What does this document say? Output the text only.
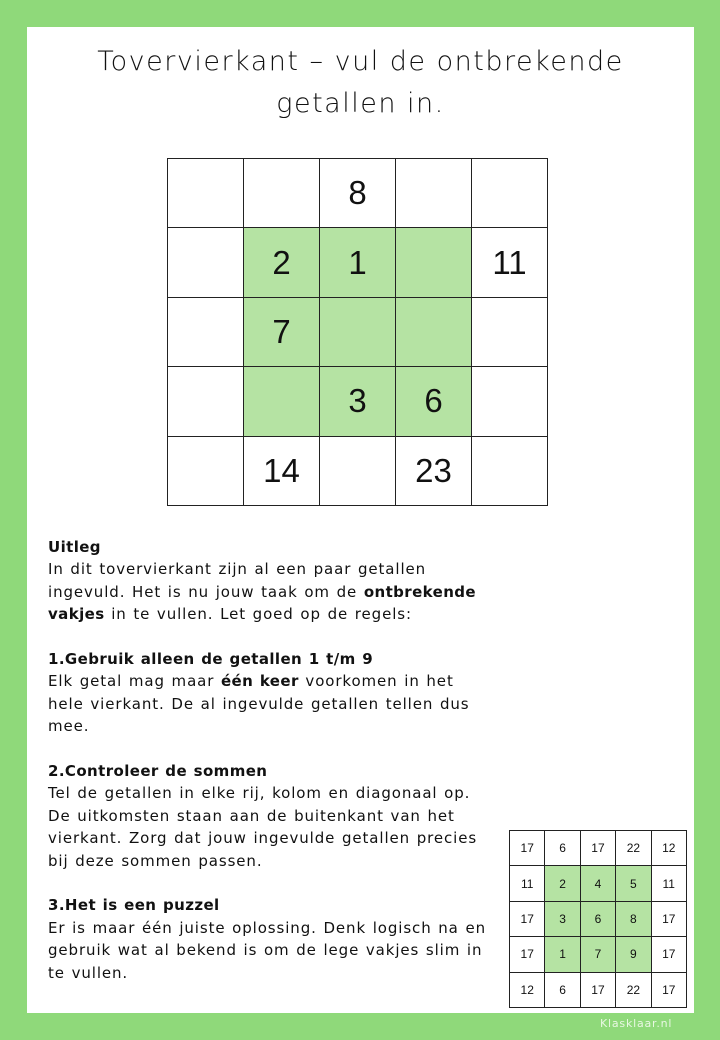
Tovervierkant – vul de ontbrekende
getallen in.
		8		
	2	1		11
	7			
		3	6	
	14		23	

Uitleg

In dit tovervierkant zijn al een paar getallen ingevuld. Het is nu jouw taak om de ontbrekende vakjes in te vullen. Let goed op de regels:

1.Gebruik alleen de getallen 1 t/m 9

Elk getal mag maar één keer voorkomen in het hele vierkant. De al ingevulde getallen tellen dus mee.

2.Controleer de sommen

Tel de getallen in elke rij, kolom en diagonaal op. De uitkomsten staan aan de buitenkant van het vierkant. Zorg dat jouw ingevulde getallen precies bij deze sommen passen.

3.Het is een puzzel

Er is maar één juiste oplossing. Denk logisch na en gebruik wat al bekend is om de lege vakjes slim in te vullen.

17	6	17	22	12
11	2	4	5	11
17	3	6	8	17
17	1	7	9	17
12	6	17	22	17
Klasklaar.nl
